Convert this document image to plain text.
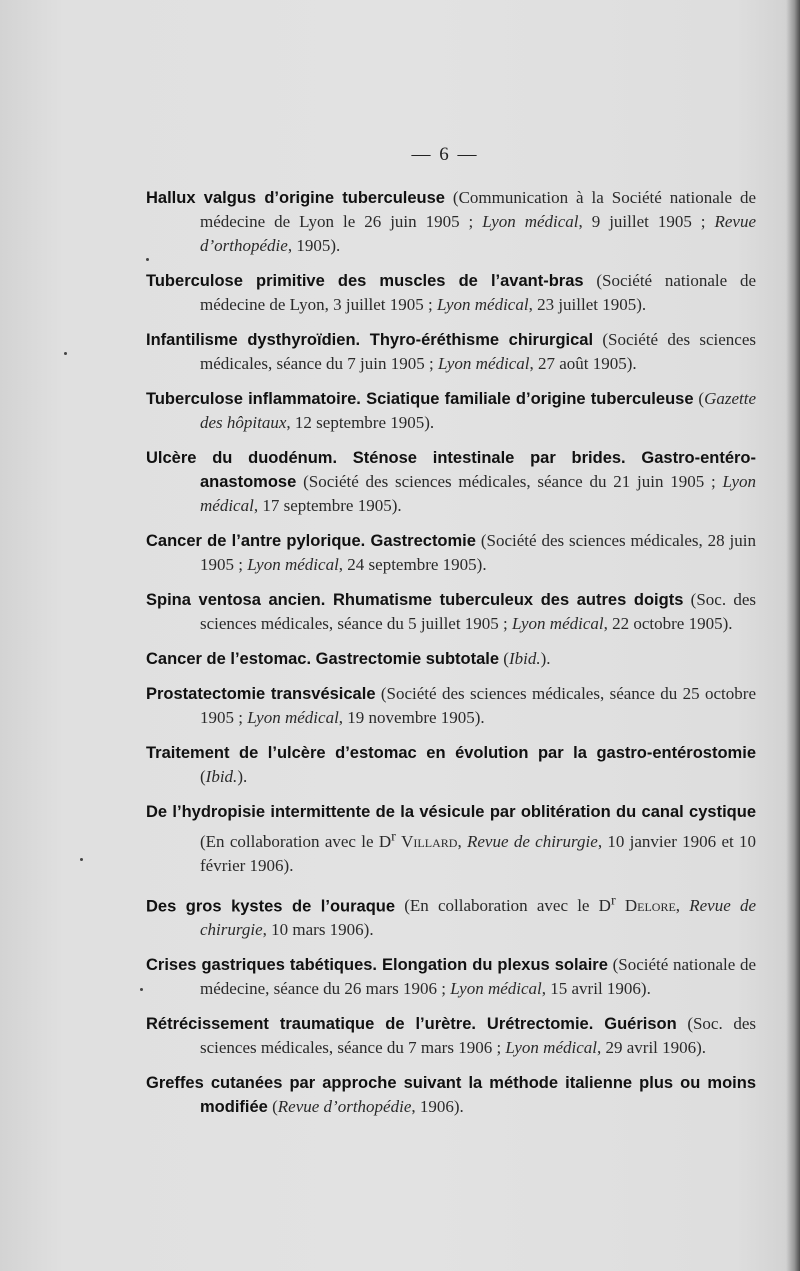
— 6 —

Hallux valgus d’origine tuberculeuse (Communication à la Société nationale de médecine de Lyon le 26 juin 1905 ; Lyon médical, 9 juillet 1905 ; Revue d’orthopédie, 1905).

Tuberculose primitive des muscles de l’avant-bras (Société nationale de médecine de Lyon, 3 juillet 1905 ; Lyon médical, 23 juillet 1905).

Infantilisme dysthyroïdien. Thyro-éréthisme chirurgical (Société des sciences médicales, séance du 7 juin 1905 ; Lyon médical, 27 août 1905).

Tuberculose inflammatoire. Sciatique familiale d’origine tuberculeuse (Gazette des hôpitaux, 12 septembre 1905).

Ulcère du duodénum. Sténose intestinale par brides. Gastro-entéro-anastomose (Société des sciences médicales, séance du 21 juin 1905 ; Lyon médical, 17 septembre 1905).

Cancer de l’antre pylorique. Gastrectomie (Société des sciences médicales, 28 juin 1905 ; Lyon médical, 24 septembre 1905).

Spina ventosa ancien. Rhumatisme tuberculeux des autres doigts (Soc. des sciences médicales, séance du 5 juillet 1905 ; Lyon médical, 22 octobre 1905).

Cancer de l’estomac. Gastrectomie subtotale (Ibid.).

Prostatectomie transvésicale (Société des sciences médicales, séance du 25 octobre 1905 ; Lyon médical, 19 novembre 1905).

Traitement de l’ulcère d’estomac en évolution par la gastro-entérostomie (Ibid.).

De l’hydropisie intermittente de la vésicule par oblitération du canal cystique (En collaboration avec le $D^r$ Villard, Revue de chirurgie, 10 janvier 1906 et 10 février 1906).

Des gros kystes de l’ouraque (En collaboration avec le $D^r$ Delore, Revue de chirurgie, 10 mars 1906).

Crises gastriques tabétiques. Elongation du plexus solaire (Société nationale de médecine, séance du 26 mars 1906 ; Lyon médical, 15 avril 1906).

Rétrécissement traumatique de l’urètre. Urétrectomie. Guérison (Soc. des sciences médicales, séance du 7 mars 1906 ; Lyon médical, 29 avril 1906).

Greffes cutanées par approche suivant la méthode italienne plus ou moins modifiée (Revue d’orthopédie, 1906).
